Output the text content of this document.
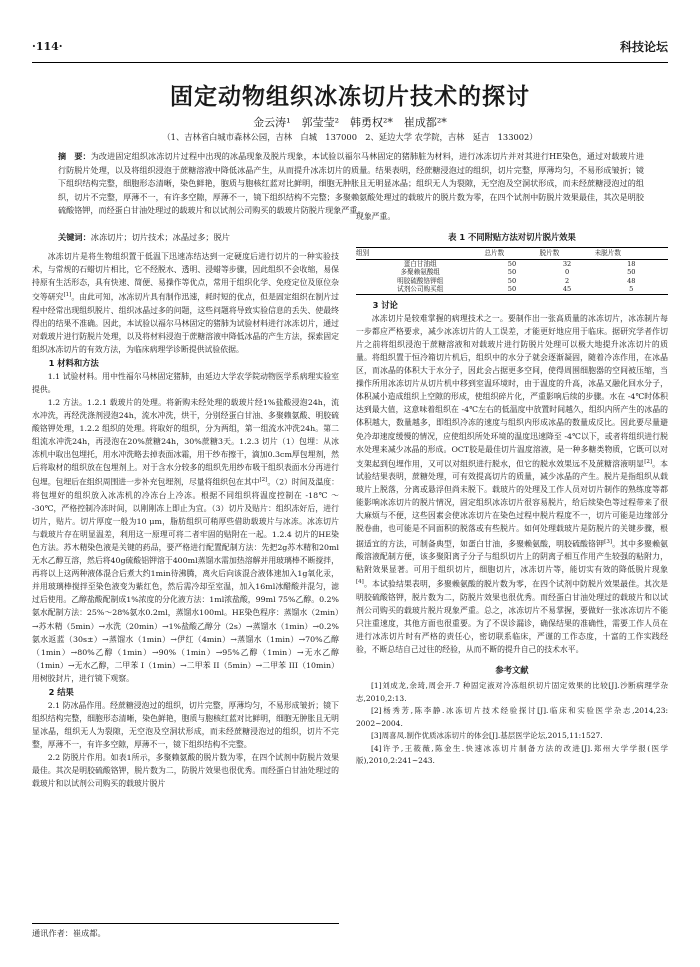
·114·	科技论坛
固定动物组织冰冻切片技术的探讨
金云涛¹　郭莹莹²　韩勇权²*　崔成都²*
（1、吉林省白城市森林公园，吉林　白城　137000　2、延边大学 农学院，吉林　延吉　133002）
摘　要：为改进固定组织冰冻切片过程中出现的冰晶现象及脱片现象，本试验以福尔马林固定的猪肺脏为材料，进行冰冻切片并对其进行HE染色，通过对载玻片进行防脱片处理，以及将组织浸泡于蔗糖溶液中降低冰晶产生，从而提升冰冻切片的质量。结果表明，经蔗糖浸泡过的组织，切片完整，厚薄均匀，不易形成皱折；镜下组织结构完整，细胞形态清晰，染色鲜艳，胞质与胞核红蓝对比鲜明，细胞无肿胀且无明显冰晶；组织无人为裂隙，无空泡及空洞状形成，而未经蔗糖浸泡过的组织，切片不完整，厚薄不一，有许多空隙，厚薄不一，镜下组织结构不完整；多聚赖氨酸处理过的载玻片的脱片数为零，在四个试剂中防脱片效果最佳，其次是明胶硫酸铬钾，而经蛋白甘油处理过的载玻片和以试剂公司购买的载玻片防脱片现象严重。
关键词：冰冻切片；切片技术；冰晶过多；脱片

冰冻切片是将生物组织置于低温下迅速冻结达到一定硬度后进行切片的一种实验技术，与常规的石蜡切片相比，它不经脱水、透明、浸蜡等步骤，因此组织不会收缩，易保持原有生活形态，具有快速、简便、易操作等优点，常用于组织化学、免疫定位及原位杂交等研究[1]。由此可知，冰冻切片具有制作迅速，耗时短的优点，但是固定组织在制片过程中经常出现组织脱片、组织冰晶过多的问题，这些问题将导致实验信息的丢失、使最终得出的结果不准确。因此，本试验以福尔马林固定的猪肺为试验材料进行冰冻切片，通过对载玻片进行防脱片处理，以及将材料浸泡于蔗糖溶液中降低冰晶的产生方法，探索固定组织冰冻切片的有效方法，为临床病理学诊断提供试验依据。

1 材料和方法

1.1 试验材料。用中性福尔马林固定猪肺，由延边大学农学院动物医学系病理实验室提供。

1.2 方法。1.2.1 载玻片的处理。将新购未经处理的载玻片经1%盐酸浸泡24h，流水冲洗，再经洗涤剂浸泡24h，流水冲洗，烘干，分别经蛋白甘油、多聚赖氨酸、明胶硫酸铬钾处理，1.2.2 组织的处理。将取好的组织，分为两组，第一组流水冲洗24h。第二组流水冲洗24h，再浸泡在20%蔗糖24h，30%蔗糖3天。1.2.3 切片（1）包埋：从冰冻机中取出包埋托，用水冲洗略去掉表面冰霜，用干纱布擦干，滴加0.3cm厚包埋剂，然后将取材的组织放在包埋剂上。对于含水分较多的组织先用纱布吸干组织表面水分再进行包埋。包埋后在组织周围进一步补充包埋剂，尽量将组织包在其中[2]。（2）时间及温度：将包埋好的组织放入冰冻机的冷冻台上冷冻。根据不同组织将温度控制在 -18℃ ～ -30℃，严格控制冷冻时间，以刚刚冻上即止为宜。（3）切片及贴片：组织冻好后，进行切片，贴片。切片厚度一般为10 μm，脂肪组织可稍厚些借助载玻片与冰冻。冰冻切片与载玻片存在明显温差，利用这一原理可将二者牢固的贴附在一起。1.2.4 切片的HE染色方法。苏木精染色液是关键的药品，要严格进行配置配制方法：先把2g苏木精和20ml无水乙醇互溶，然后将40g硫酸铝钾溶于400ml蒸馏水需加热溶解并用玻璃棒不断搅拌，再将以上这两种液体混合后煮大约1min待沸腾，离火后向该混合液体速加入1g氧化汞，并用玻璃棒搅拌至染色液变为紫红色，然后需冷却至室温，加入16ml冰醋酸并混匀，滤过后使用。乙醇盐酸配制成1%浓度的分化液方法：1ml浓盐酸，99ml 75%乙醇。0.2%氨水配制方法：25%～28%氨水0.2ml，蒸馏水100ml。HE染色程序：蒸馏水（2min）→苏木精（5min）→水洗（20min）→1%盐酸乙醇分（2s）→蒸馏水（1min）→0.2%氨水返蓝（30s±）→蒸馏水（1min）→伊红（4min）→蒸馏水（1min）→70%乙醇（1min）→80%乙醇（1min）→90%（1min）→95%乙醇（1min）→无水乙醇（1min）→无水乙醇，二甲苯 I（1min）→二甲苯 II（5min）→二甲苯 III（10min）用树胶封片，进行镜下观察。

2 结果

2.1 防冰晶作用。经蔗糖浸泡过的组织，切片完整，厚薄均匀，不易形成皱折；镜下组织结构完整，细胞形态清晰，染色鲜艳，胞质与胞核红蓝对比鲜明，细胞无肿胀且无明显冰晶，组织无人为裂隙，无空泡及空洞状形成，而未经蔗糖浸泡过的组织，切片不完整，厚薄不一，有许多空隙，厚薄不一，镜下组织结构不完整。

2.2 防脱片作用。如表1所示，多聚赖氨酸的脱片数为零，在四个试剂中防脱片效果最佳。其次是明胶硫酸铬钾，脱片数为二，防脱片效果也很优秀。而经蛋白甘油处理过的载玻片和以试剂公司购买的载玻片脱片

通讯作者：崔成都。
现象严重。
表 1 不同附贴方法对切片脱片效果
组别	总片数	脱片数	未脱片数
蛋白甘油组	50	32	18
多聚赖氨酸组	50	0	50
明胶硫酸铬钾组	50	2	48
试剂公司购买组	50	45	5
3 讨论

冰冻切片是较难掌握的病理技术之一。要制作出一张高质量的冰冻切片，冰冻制片每一步都应严格要求，减少冰冻切片的人工误差，才能更好地应用于临床。据研究学者作切片之前将组织浸泡于蔗糖溶液和对载玻片进行防脱片处理可以极大地提升冰冻切片的质量。将组织置于恒冷箱切片机后，组织中的水分子就会逐渐凝固，随着冷冻作用，在冰晶区，而冰晶的体积大于水分子，因此会占据更多空间，使得周围细胞器的空间被压缩，当操作所用冰冻切片从切片机中移到室温环境时，由于温度的升高，冰晶又融化回水分子，体积减小造成组织上空隙的形成，使组织碎片化，严重影响后续的步骤。水在 -4℃时体积达到最大值，这意味着组织在 -4℃左右的低温度中放置时间越久，组织内所产生的冰晶的体积越大，数量越多，即组织冷冻的速度与组织内形成冰晶的数量成反比。因此要尽量避免冷却速度缓慢的情况，应使组织所处环境的温度迅速降至 -4℃以下，或者将组织进行脱水处理来减少冰晶的形成。OCT胶是最佳切片温度溶液，是一种多糖类物质，它既可以对支架起到包埋作用，又可以对组织进行脱水，但它的脱水效果远不及蔗糖溶液明显[2]。本试验结果表明，蔗糖处理，可有效提高切片的质量，减少冰晶的产生。脱片是指组织从载玻片上脱落，分离或悬浮但尚未脱下。载玻片的处理及工作人员对切片制作的熟练度等都能影响冰冻切片的脱片情况，固定组织冰冻切片很容易脱片，给后续染色等过程带来了很大麻烦与不便，这些因素会使冰冻切片在染色过程中脱片程度不一，切片可能是边缘部分脱卷曲，也可能是不同面积的脱落或有些脱片。如何处理载玻片是防脱片的关键步骤，根据适宜的方法，可制备典型，如蛋白甘油，多聚赖氨酸，明胶硫酸铬钾[3]。其中多聚赖氨酸溶液配制方便，该多聚阳离子分子与组织切片上的阴离子相互作用产生较强的粘附力，粘附效果显著。可用于组织切片，细胞切片，冰冻切片等，能切实有效的降低脱片现象[4]。本试验结果表明，多聚赖氨酸的脱片数为零，在四个试剂中防脱片效果最佳。其次是明胶硫酸铬钾，脱片数为二，防脱片效果也很优秀。而经蛋白甘油处理过的载玻片和以试剂公司购买的载玻片脱片现象严重。总之，冰冻切片不易掌握，要做好一张冰冻切片不能只注重速度，其他方面也很重要。为了不误诊漏诊，确保结果的准确性，需要工作人员在进行冰冻切片时有严格的责任心，密切联系临床，严谨的工作态度，十富的工作实践经验，不断总结自己过往的经验，从而不断的提升自己的技术水平。

参考文献

[1]刘成龙,余琦,周会开.7 种固定液对冷冻组织切片固定效果的比较[J].沙断病理学杂志,2010,2:13.

[2]杨秀芳,陈李静.冰冻切片技术经验探讨[J].临床和实验医学杂志,2014,23: 2002~2004.

[3]周喜凤.制作优质冰冻切片的体会[J].基层医学论坛,2015,11:1527.

[4]许予,王筱薇,陈金生.快速冰冻切片制备方法的改进[J].郑州大学学报(医学版),2010,2:241~243.
